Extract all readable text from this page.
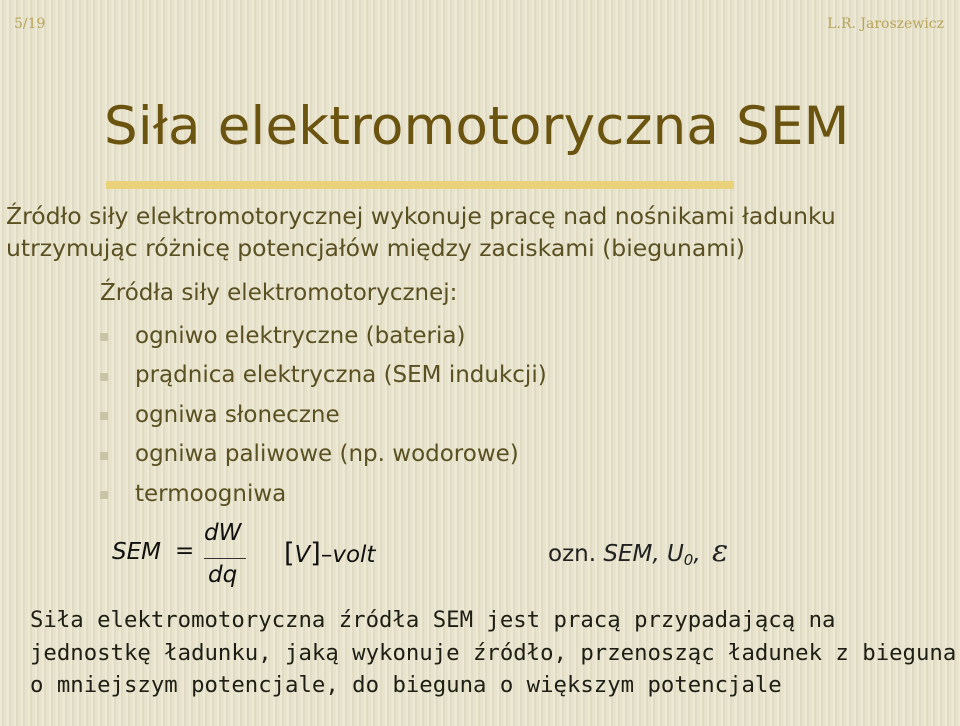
5/19	L.R. Jaroszewicz
Siła elektromotoryczna SEM

Źródło siły elektromotorycznej wykonuje pracę nad nośnikami ładunku utrzymując różnicę potencjałów między zaciskami (biegunami)

Źródła siły elektromotorycznej:
ogniwo elektryczne (bateria)
prądnica elektryczna (SEM indukcji)
ogniwa słoneczne
ogniwa paliwowe (np. wodorowe)
termoogniwa
SEM =
dW
dq
[V]–volt	ozn. SEM, $U_0$, ε

Siła elektromotoryczna źródła SEM jest pracą przypadającą na jednostkę ładunku, jaką wykonuje źródło, przenosząc ładunek z bieguna o mniejszym potencjale, do bieguna o większym potencjale
